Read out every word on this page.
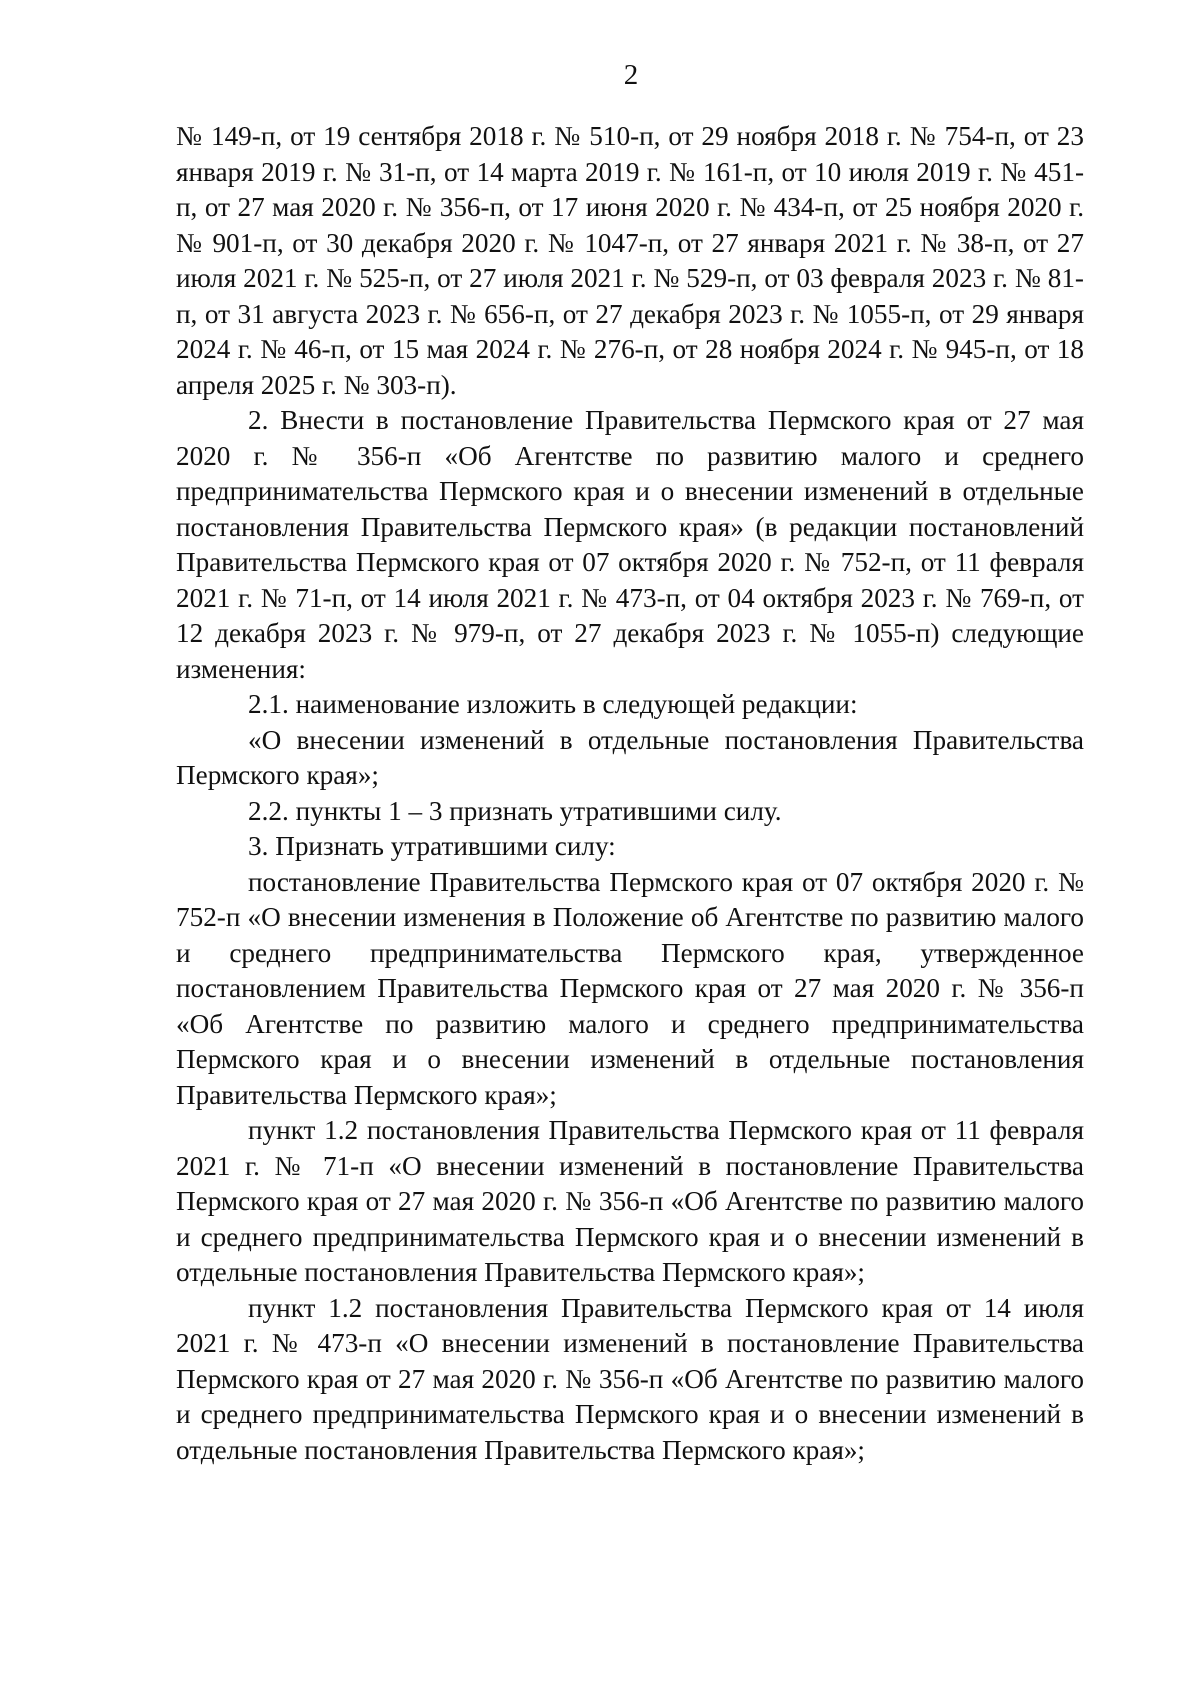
2

№ 149-п, от 19 сентября 2018 г. № 510-п, от 29 ноября 2018 г. № 754-п, от 23 января 2019 г. № 31-п, от 14 марта 2019 г. № 161-п, от 10 июля 2019 г. № 451-п, от 27 мая 2020 г. № 356-п, от 17 июня 2020 г. № 434-п, от 25 ноября 2020 г. № 901-п, от 30 декабря 2020 г. № 1047-п, от 27 января 2021 г. № 38-п, от 27 июля 2021 г. № 525-п, от 27 июля 2021 г. № 529-п, от 03 февраля 2023 г. № 81-п, от 31 августа 2023 г. № 656-п, от 27 декабря 2023 г. № 1055-п, от 29 января 2024 г. № 46-п, от 15 мая 2024 г. № 276-п, от 28 ноября 2024 г. № 945-п, от 18 апреля 2025 г. № 303-п).

2. Внести в постановление Правительства Пермского края от 27 мая 2020 г. № 356-п «Об Агентстве по развитию малого и среднего предпринимательства Пермского края и о внесении изменений в отдельные постановления Правительства Пермского края» (в редакции постановлений Правительства Пермского края от 07 октября 2020 г. № 752-п, от 11 февраля 2021 г. № 71-п, от 14 июля 2021 г. № 473-п, от 04 октября 2023 г. № 769-п, от 12 декабря 2023 г. № 979-п, от 27 декабря 2023 г. № 1055-п) следующие изменения:

2.1. наименование изложить в следующей редакции:

«О внесении изменений в отдельные постановления Правительства Пермского края»;

2.2. пункты 1 – 3 признать утратившими силу.

3. Признать утратившими силу:

постановление Правительства Пермского края от 07 октября 2020 г. № 752-п «О внесении изменения в Положение об Агентстве по развитию малого и среднего предпринимательства Пермского края, утвержденное постановлением Правительства Пермского края от 27 мая 2020 г. № 356-п «Об Агентстве по развитию малого и среднего предпринимательства Пермского края и о внесении изменений в отдельные постановления Правительства Пермского края»;

пункт 1.2 постановления Правительства Пермского края от 11 февраля 2021 г. № 71-п «О внесении изменений в постановление Правительства Пермского края от 27 мая 2020 г. № 356-п «Об Агентстве по развитию малого и среднего предпринимательства Пермского края и о внесении изменений в отдельные постановления Правительства Пермского края»;

пункт 1.2 постановления Правительства Пермского края от 14 июля 2021 г. № 473-п «О внесении изменений в постановление Правительства Пермского края от 27 мая 2020 г. № 356-п «Об Агентстве по развитию малого и среднего предпринимательства Пермского края и о внесении изменений в отдельные постановления Правительства Пермского края»;
